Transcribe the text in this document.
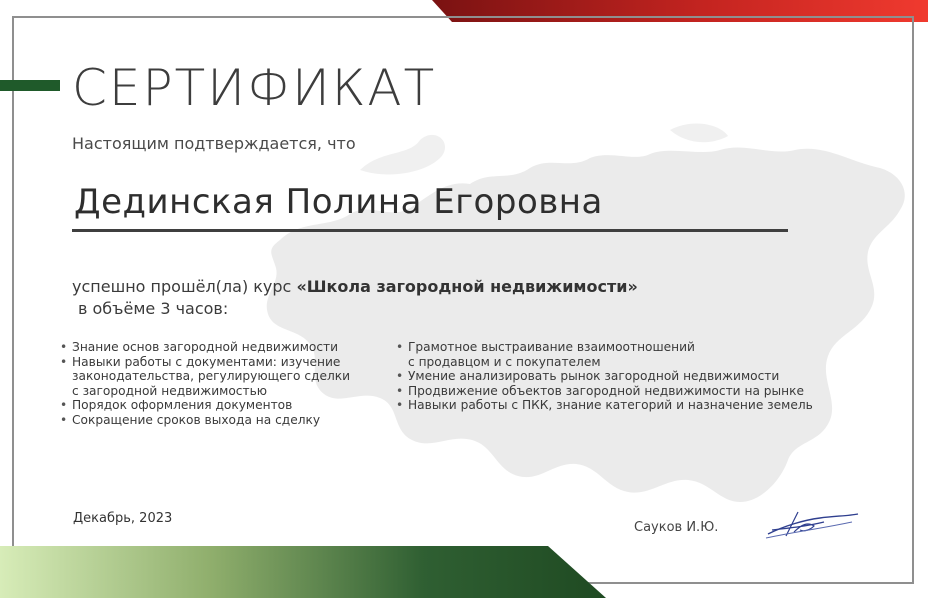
СЕРТИФИКАТ
Настоящим подтверждается, что
Дединская Полина Егоровна
успешно прошёл(ла) курс «Школа загородной недвижимости»
в объёме 3 часов:
• Знание основ загородной недвижимости
• Навыки работы с документами: изучение
законодательства, регулирующего сделки
с загородной недвижимостью
• Порядок оформления документов
• Сокращение сроков выхода на сделку
• Грамотное выстраивание взаимоотношений
с продавцом и с покупателем
• Умение анализировать рынок загородной недвижимости
• Продвижение объектов загородной недвижимости на рынке
• Навыки работы с ПКК, знание категорий и назначение земель
Декабрь, 2023
Сауков И.Ю.
